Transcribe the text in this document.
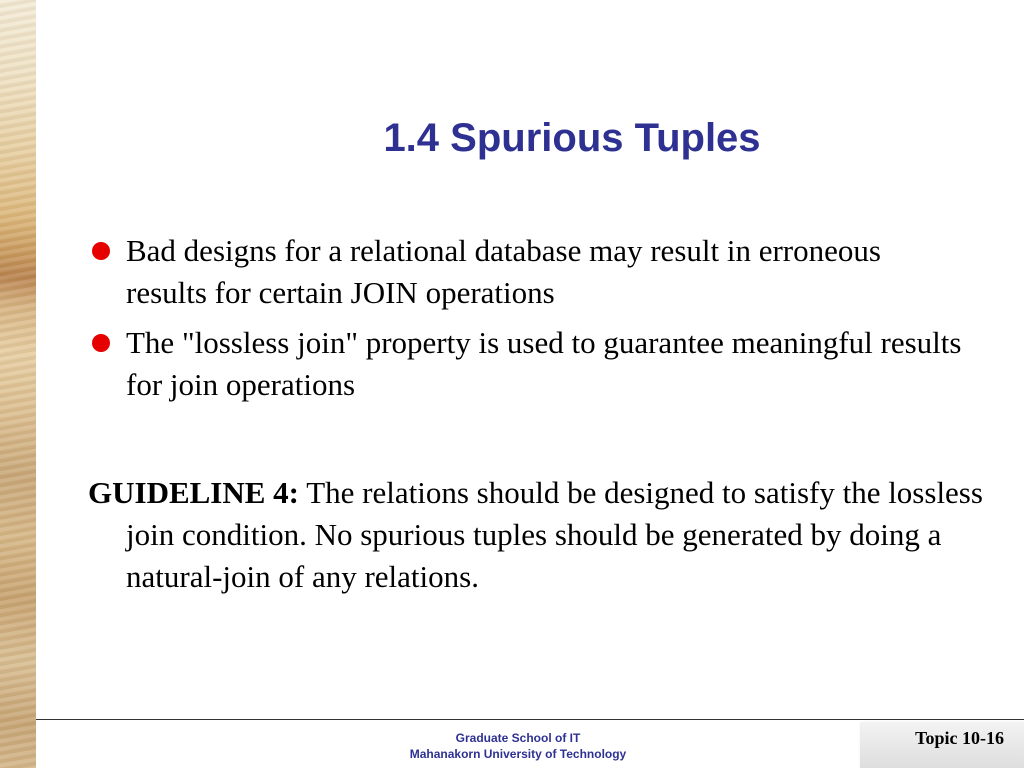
1.4 Spurious Tuples
Bad designs for a relational database may result in erroneous results for certain JOIN operations
The "lossless join" property is used to guarantee meaningful results for join operations

GUIDELINE 4: The relations should be designed to satisfy the lossless join condition. No spurious tuples should be generated by doing a natural-join of any relations.

Graduate School of IT
Mahanakorn University of Technology
Topic 10-16
